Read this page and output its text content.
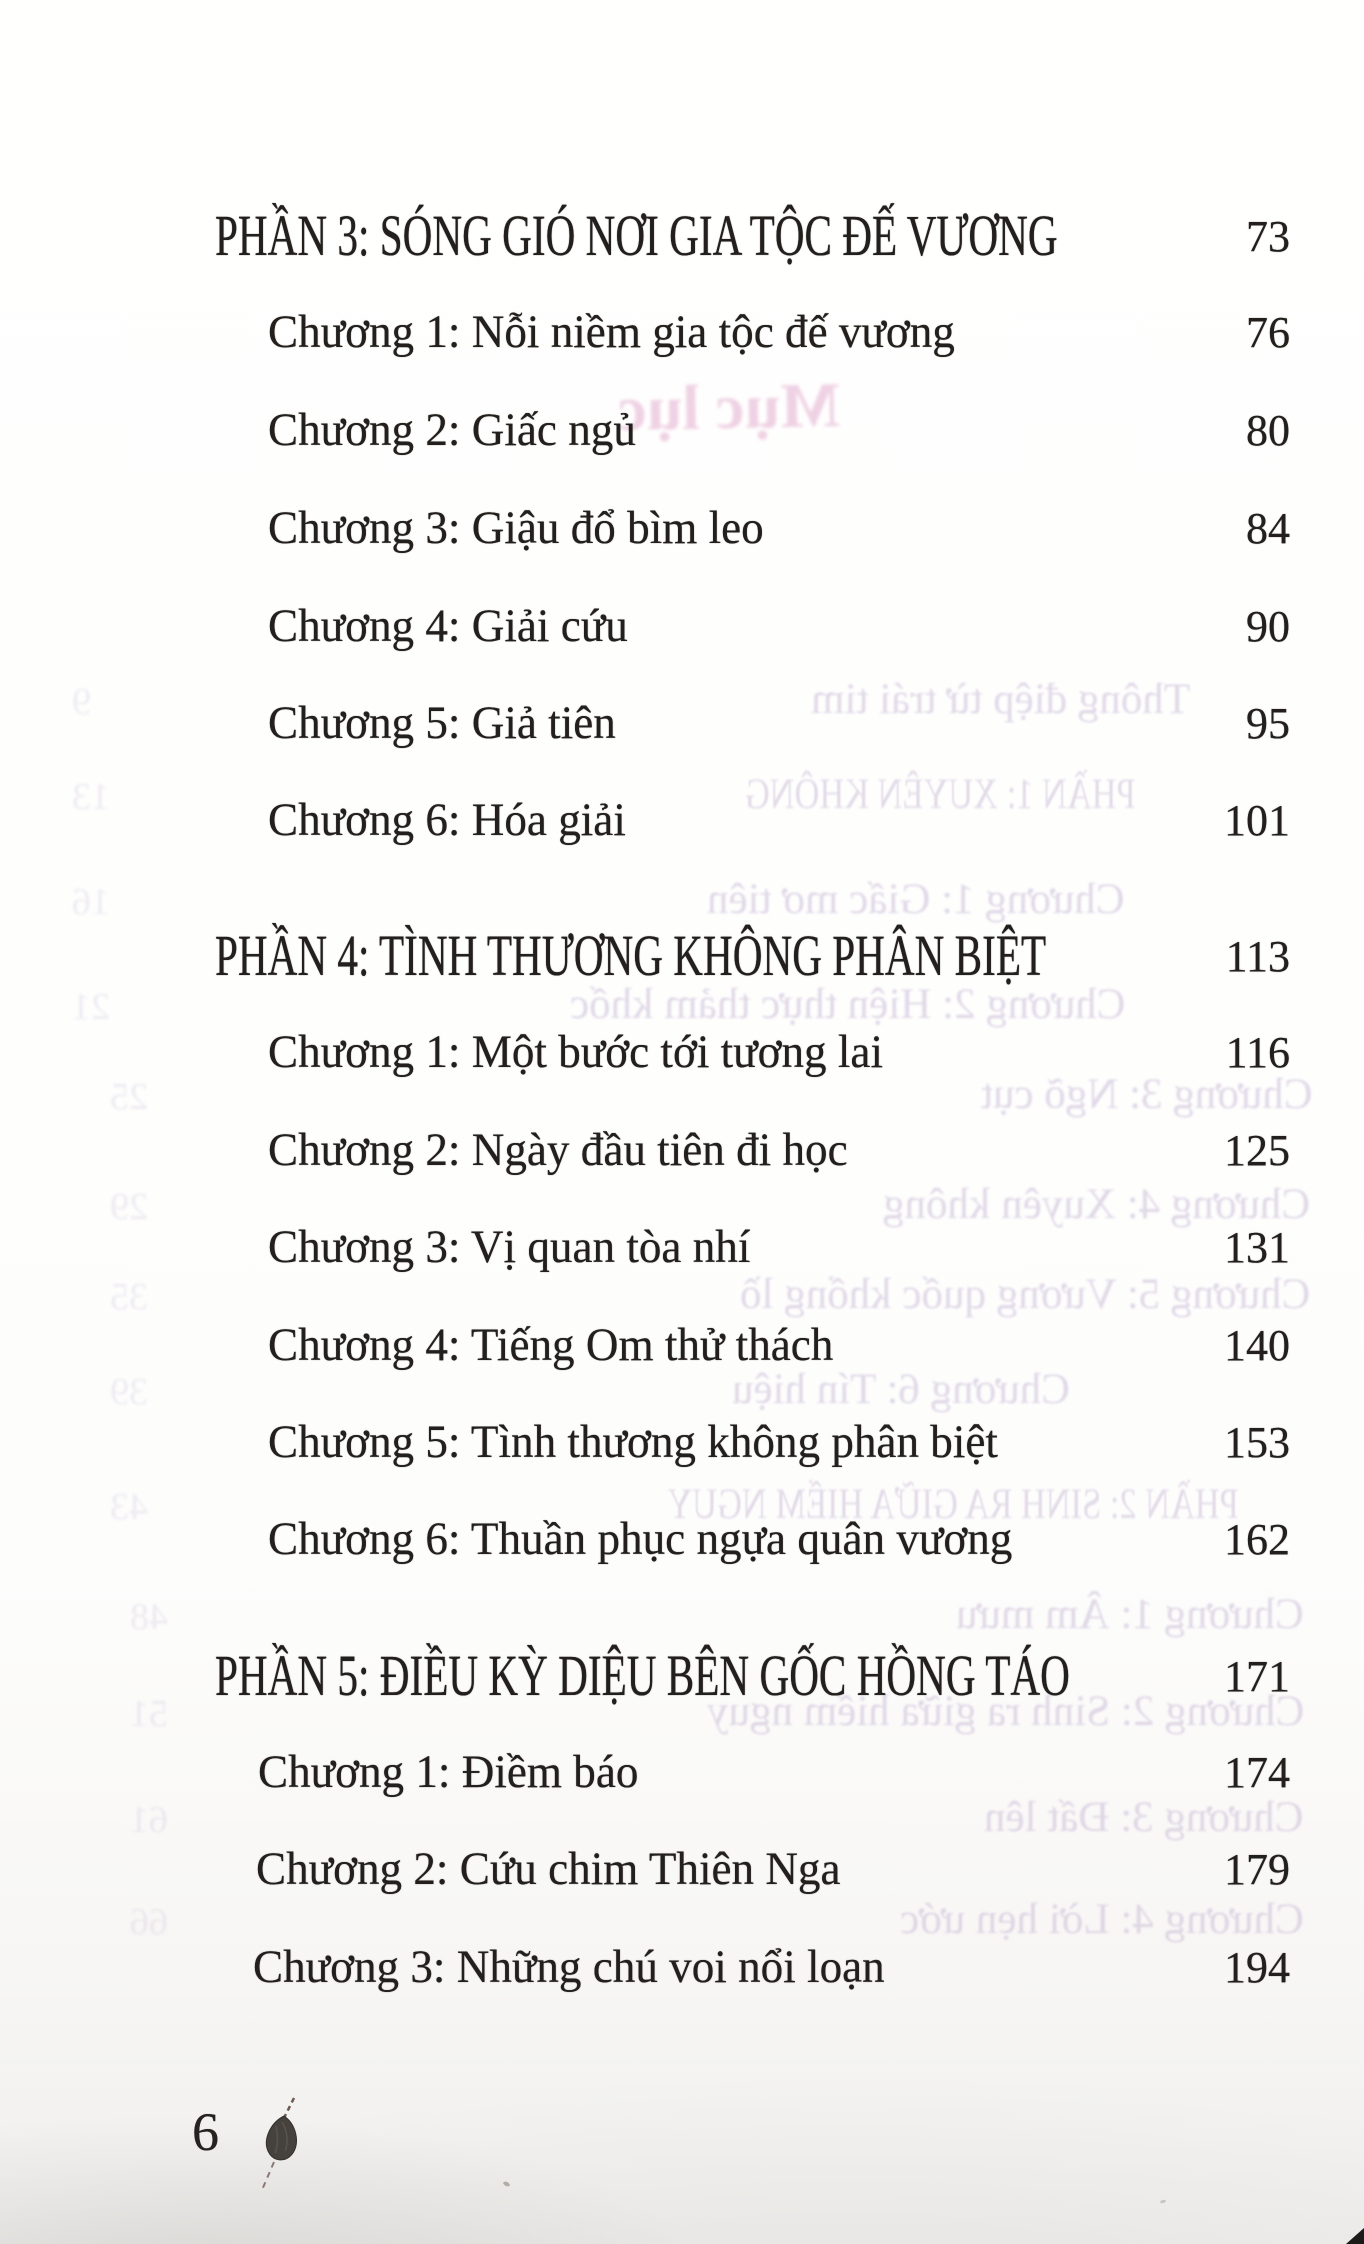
Mục lục
Thông điệp từ trái tim
PHẦN 1: XUYÊN KHÔNG
Chương 1: Giấc mơ tiên
Chương 2: Hiện thực thảm khốc
Chương 3: Ngõ cụt
Chương 4: Xuyên không
Chương 5: Vương quốc khổng lồ
Chương 6: Tín hiệu
PHẦN 2: SINH RA GIỮA HIỂM NGUY
Chương 1: Âm mưu
Chương 2: Sinh ra giữa hiểm nguy
Chương 3: Đất lên
Chương 4: Lời hẹn ước
9
13
16
21
25
29
35
39
43
48
51
61
66
PHẦN 3: SÓNG GIÓ NƠI GIA TỘC ĐẾ VƯƠNG	73
Chương 1: Nỗi niềm gia tộc đế vương	76
Chương 2: Giấc ngủ	80
Chương 3: Giậu đổ bìm leo	84
Chương 4: Giải cứu	90
Chương 5: Giả tiên	95
Chương 6: Hóa giải	101
PHẦN 4: TÌNH THƯƠNG KHÔNG PHÂN BIỆT	113
Chương 1: Một bước tới tương lai	116
Chương 2: Ngày đầu tiên đi học	125
Chương 3: Vị quan tòa nhí	131
Chương 4: Tiếng Om thử thách	140
Chương 5: Tình thương không phân biệt	153
Chương 6: Thuần phục ngựa quân vương	162
PHẦN 5: ĐIỀU KỲ DIỆU BÊN GỐC HỒNG TÁO	171
Chương 1: Điềm báo	174
Chương 2: Cứu chim Thiên Nga	179
Chương 3: Những chú voi nổi loạn	194
6
